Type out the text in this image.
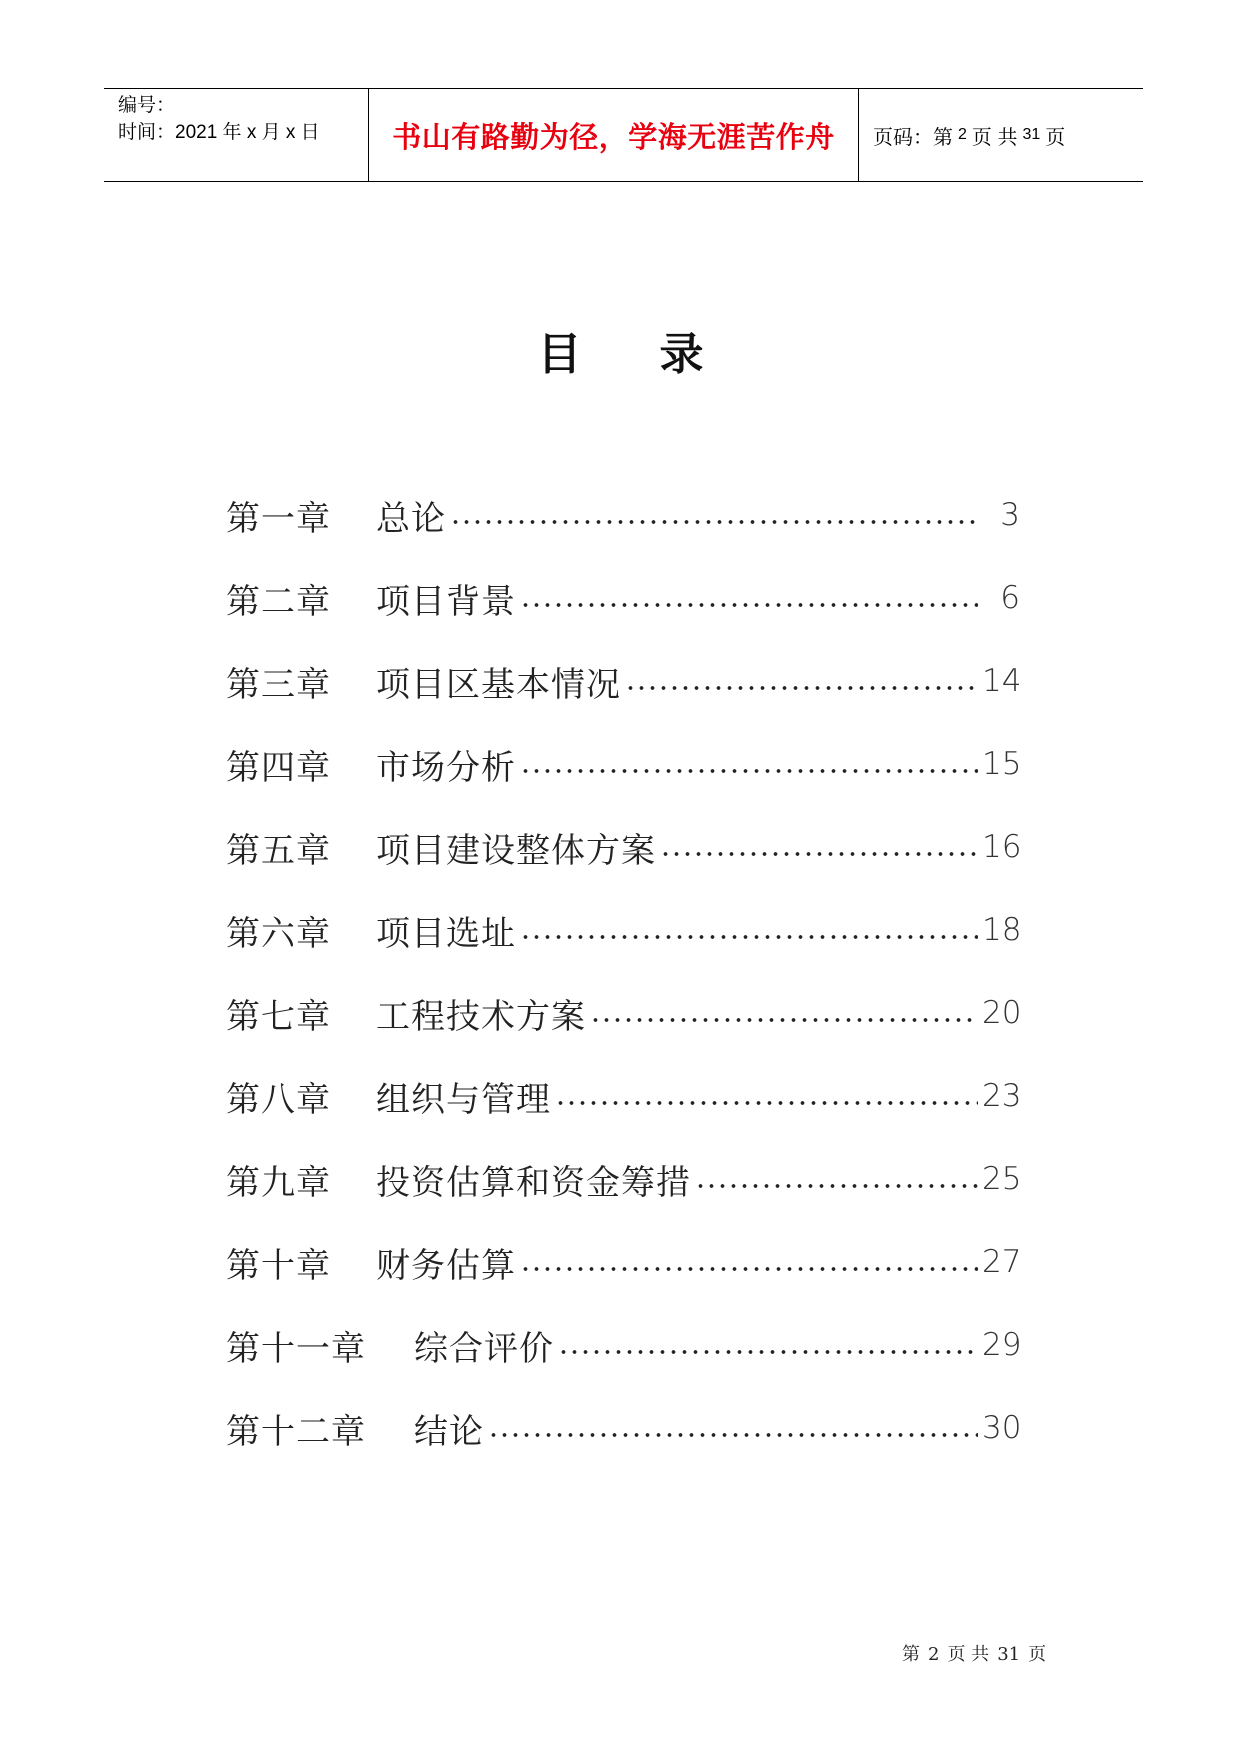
编号：
时间：2021 年 x 月 x 日	书山有路勤为径，学海无涯苦作舟 页码：第 2 页 共 31 页
目 录
第一章	总论	3
第二章	项目背景	6
第三章	项目区基本情况	14
第四章	市场分析	15
第五章	项目建设整体方案	16
第六章	项目选址	18
第七章	工程技术方案	20
第八章	组织与管理	23
第九章	投资估算和资金筹措	25
第十章	财务估算	27
第十一章	综合评价	29
第十二章	结论	30
第 2 页 共 31 页
